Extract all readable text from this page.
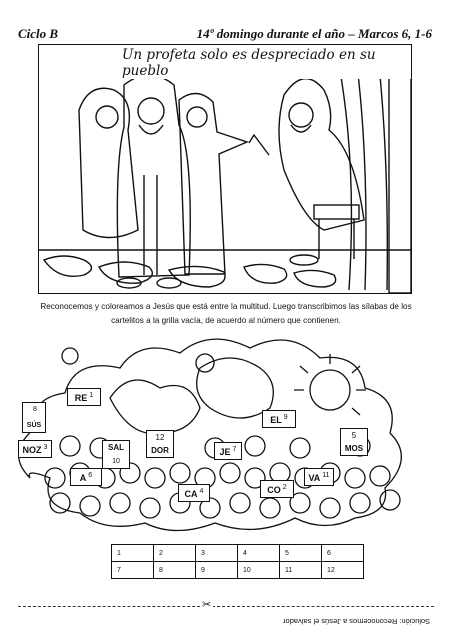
Ciclo B	14º domingo durante el año – Marcos 6, 1-6
Un profeta solo es despreciado en su pueblo
Reconocemos y coloreamos a Jesús que está entre la multitud. Luego transcribimos las sílabas de los
cartelitos a la grilla vacía, de acuerdo al número que contienen.
RE $^1$
8
SÚS
NOZ $^3$	SAL
10
12
DOR	JE $^7$
EL $^9$
5
MOS
A $^6$
CA $^4$	CO $^2$
VA $^{11}$
1	2	3	4	5	6
7	8	9	10	11	12
✂
Solución: Reconocemos a Jesús el salvador
